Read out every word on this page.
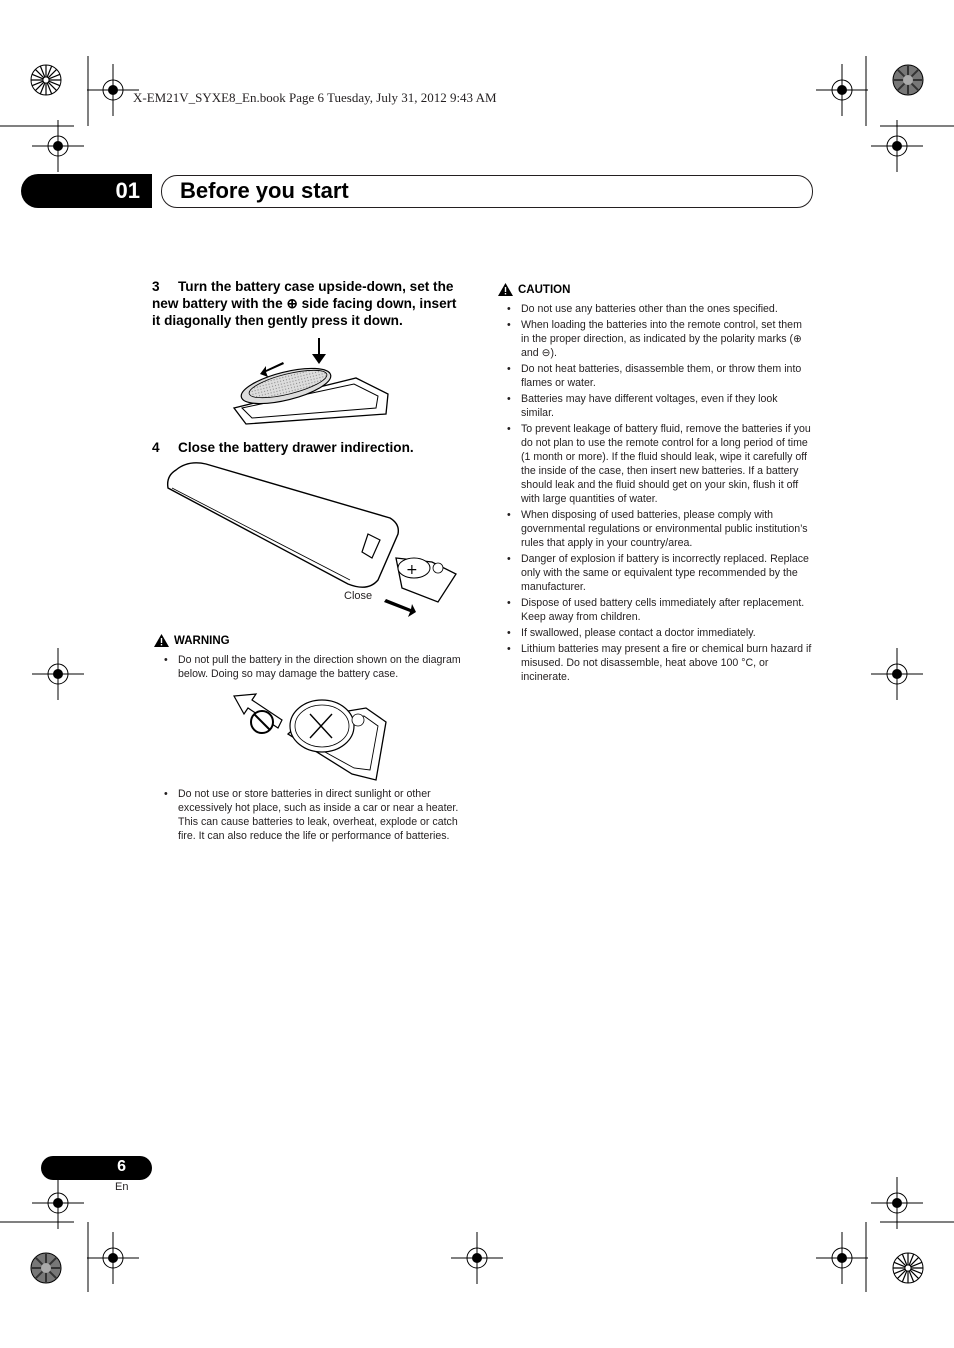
X-EM21V_SYXE8_En.book Page 6 Tuesday, July 31, 2012 9:43 AM
01 Before you start
3 Turn the battery case upside-down, set the
new battery with the ⊕ side facing down, insert
it diagonally then gently press it down.
4 Close the battery drawer indirection.
+
Close
WARNING
• Do not pull the battery in the direction shown on the diagram below. Doing so may damage the battery case.
• Do not use or store batteries in direct sunlight or other excessively hot place, such as inside a car or near a heater. This can cause batteries to leak, overheat, explode or catch fire. It can also reduce the life or performance of batteries.
CAUTION
• Do not use any batteries other than the ones specified.
• When loading the batteries into the remote control, set them in the proper direction, as indicated by the polarity marks (⊕ and ⊖).
• Do not heat batteries, disassemble them, or throw them into flames or water.
• Batteries may have different voltages, even if they look similar.
• To prevent leakage of battery fluid, remove the batteries if you do not plan to use the remote control for a long period of time (1 month or more). If the fluid should leak, wipe it carefully off the inside of the case, then insert new batteries. If a battery should leak and the fluid should get on your skin, flush it off with large quantities of water.
• When disposing of used batteries, please comply with governmental regulations or environmental public institution’s rules that apply in your country/area.
• Danger of explosion if battery is incorrectly replaced. Replace only with the same or equivalent type recommended by the manufacturer.
• Dispose of used battery cells immediately after replacement. Keep away from children.
• If swallowed, please contact a doctor immediately.
• Lithium batteries may present a fire or chemical burn hazard if misused. Do not disassemble, heat above 100 °C, or incinerate.
6
En
